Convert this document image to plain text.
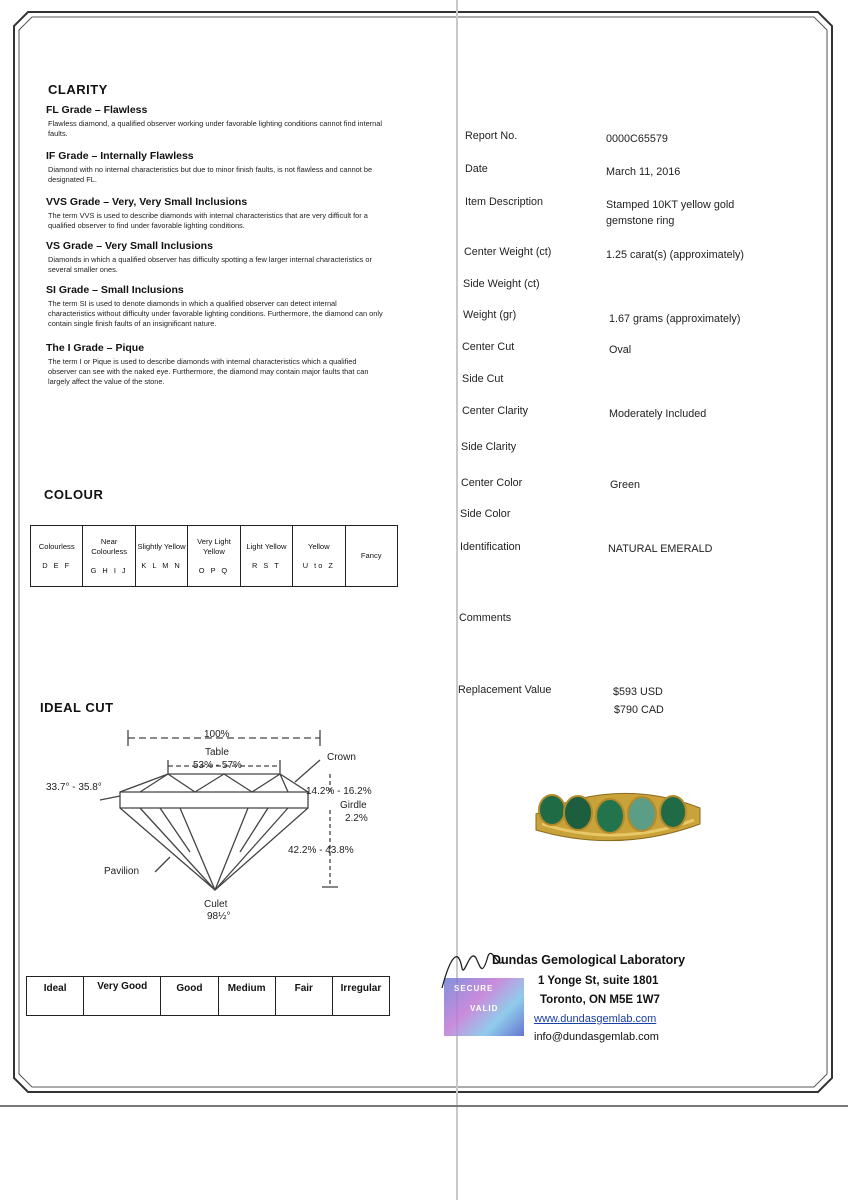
CLARITY
FL Grade – Flawless

Flawless diamond, a qualified observer working under favorable lighting conditions cannot find internal faults.

IF Grade – Internally Flawless

Diamond with no internal characteristics but due to minor finish faults, is not flawless and cannot be designated FL.

VVS Grade – Very, Very Small Inclusions

The term VVS is used to describe diamonds with internal characteristics that are very difficult for a qualified observer to find under favorable lighting conditions.

VS Grade – Very Small Inclusions

Diamonds in which a qualified observer has difficulty spotting a few larger internal characteristics or several smaller ones.

SI Grade – Small Inclusions

The term SI is used to denote diamonds in which a qualified observer can detect internal characteristics without difficulty under favorable lighting conditions. Furthermore, the diamond can only contain single finish faults of an insignificant nature.

The I Grade – Pique

The term I or Pique is used to describe diamonds with internal characteristics which a qualified observer can see with the naked eye. Furthermore, the diamond may contain major faults that can largely affect the value of the stone.

COLOUR
Colourless
D E F
Near Colourless
G H I J
Slightly Yellow
K L M N
Very Light Yellow
O P Q
Light Yellow
R S T
Yellow
U to Z
Fancy
IDEAL CUT
100%
Table
53% - 57%
Crown
33.7° - 35.8°	14.2% - 16.2%
Girdle
2.2%
42.2% - 43.8%
Pavilion
Culet
98½°
Ideal	Very Good	Good	Medium	Fair	Irregular
Report No.	0000C65579
Date	March 11, 2016
Item Description	Stamped 10KT yellow gold gemstone ring
Center Weight (ct)	1.25 carat(s) (approximately)
Side Weight (ct)
Weight (gr)	1.67 grams (approximately)
Center Cut	Oval
Side Cut
Center Clarity	Moderately Included
Side Clarity
Center Color	Green
Side Color
Identification	NATURAL EMERALD
Comments
Replacement Value	$593 USD
$790 CAD
SECURE
VALID
Dundas Gemological Laboratory
1 Yonge St, suite 1801
Toronto, ON M5E 1W7
www.dundasgemlab.com
info@dundasgemlab.com
